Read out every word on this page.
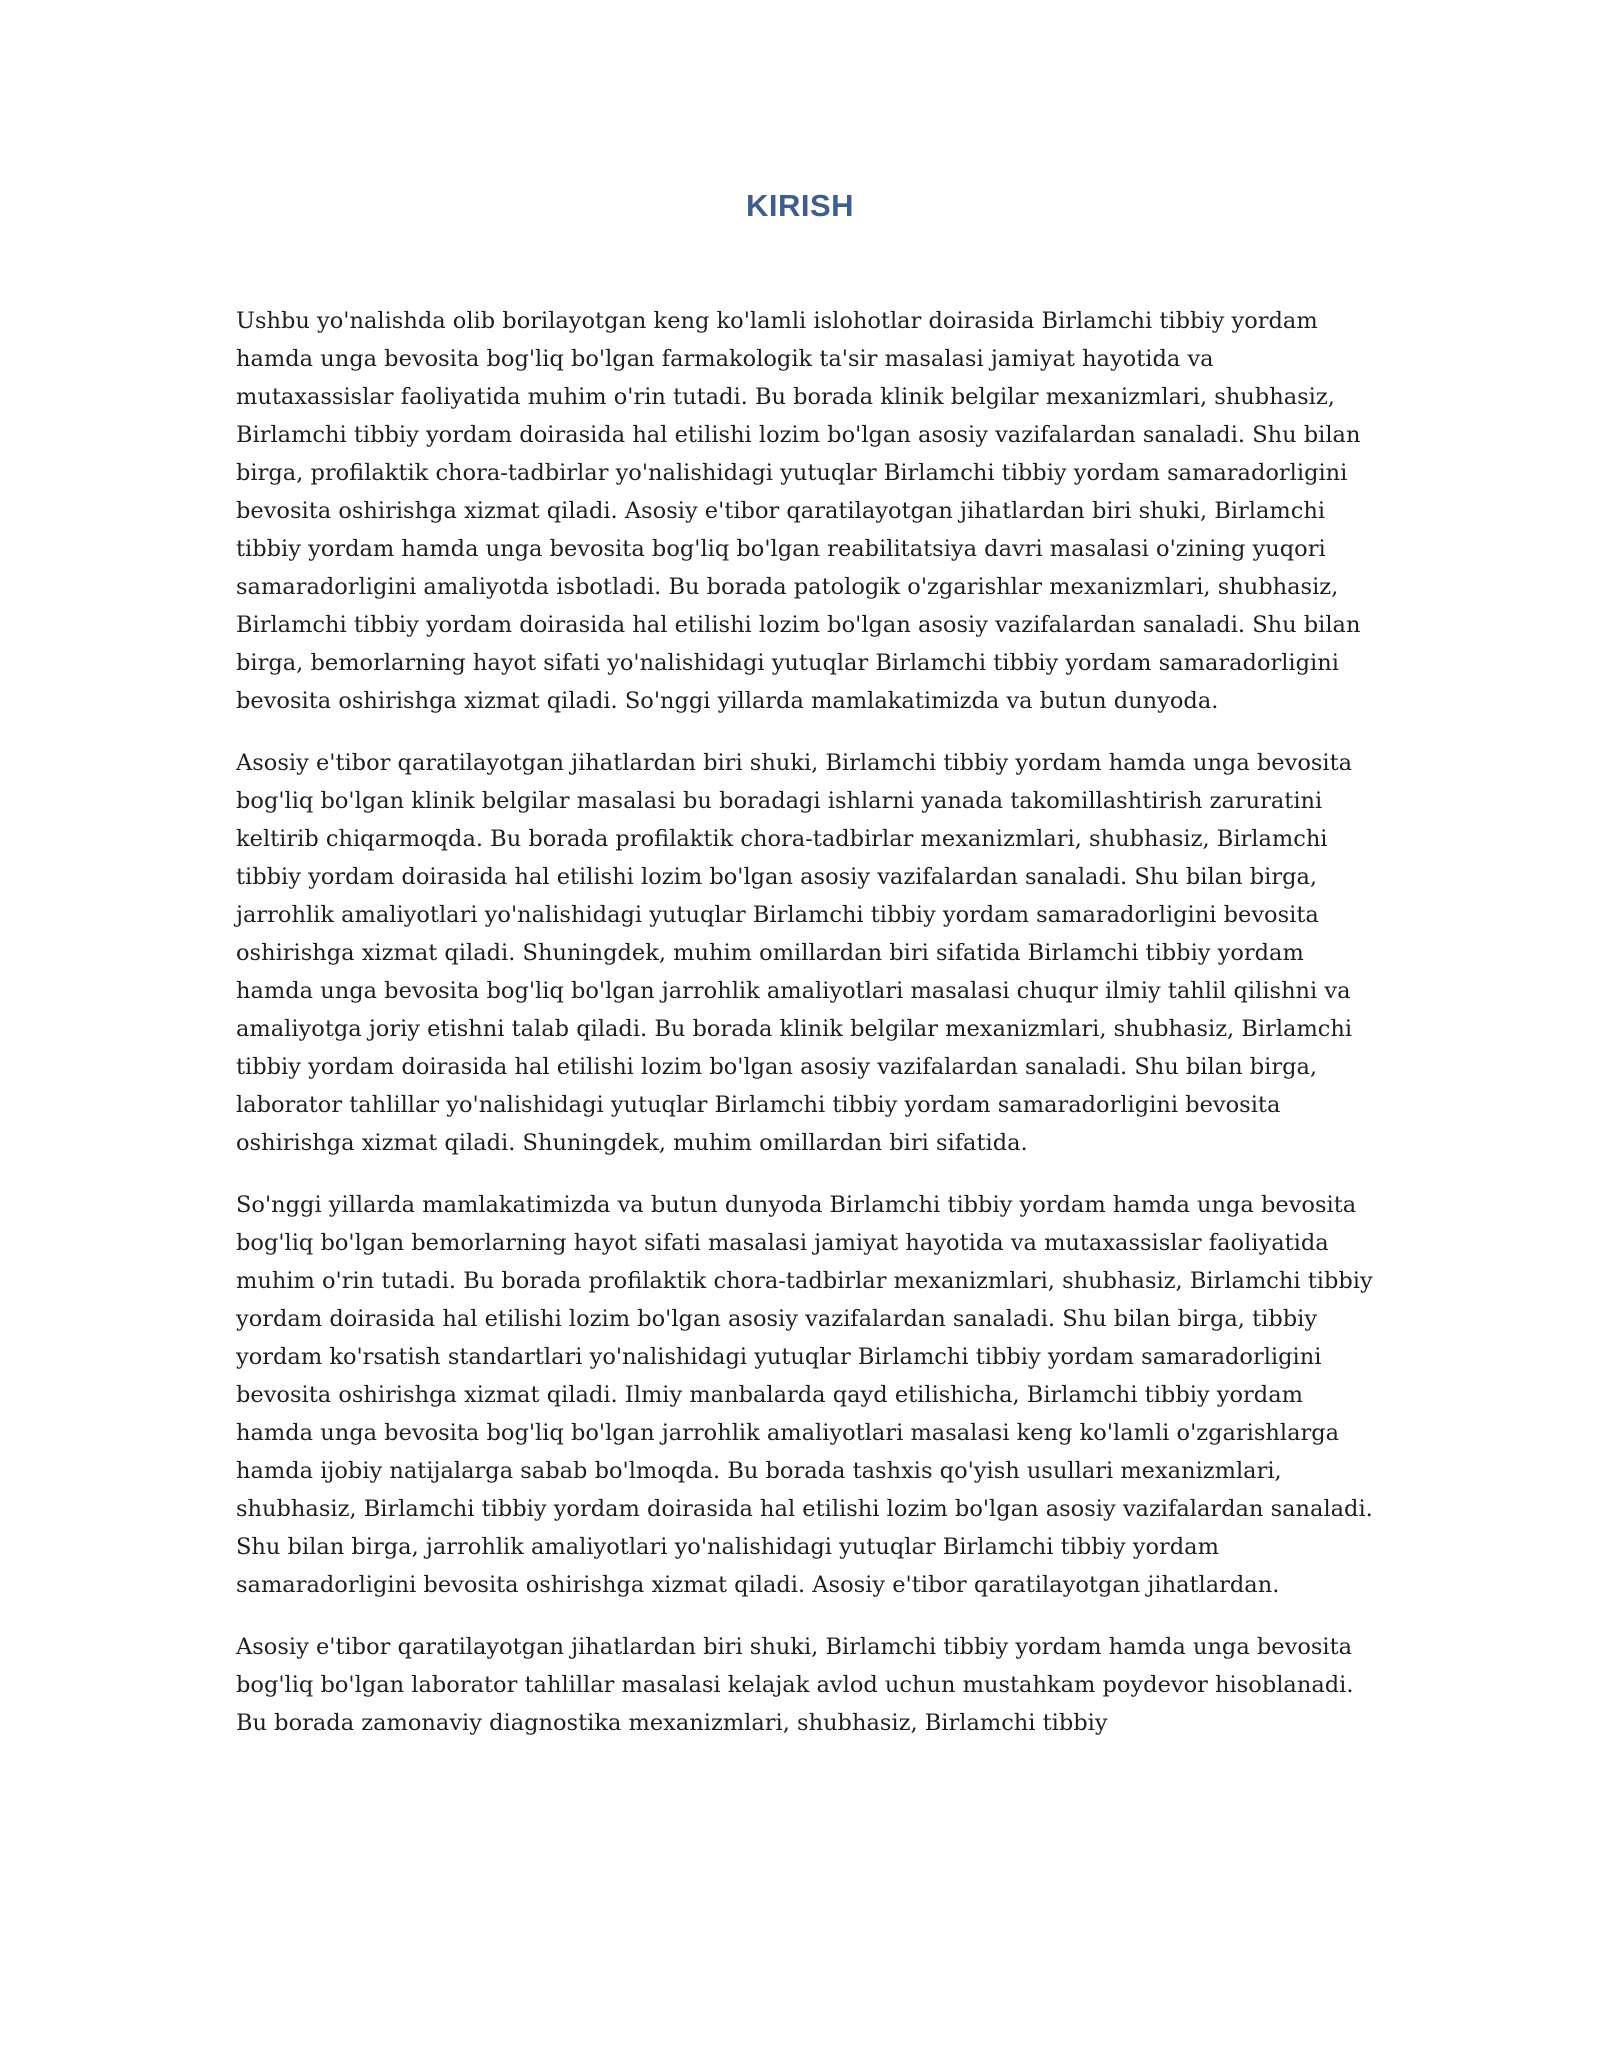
KIRISH

Ushbu yo'nalishda olib borilayotgan keng ko'lamli islohotlar doirasida Birlamchi tibbiy yordam hamda unga bevosita bog'liq bo'lgan farmakologik ta'sir masalasi jamiyat hayotida va mutaxassislar faoliyatida muhim o'rin tutadi. Bu borada klinik belgilar mexanizmlari, shubhasiz, Birlamchi tibbiy yordam doirasida hal etilishi lozim bo'lgan asosiy vazifalardan sanaladi. Shu bilan birga, profilaktik chora-tadbirlar yo'nalishidagi yutuqlar Birlamchi tibbiy yordam samaradorligini bevosita oshirishga xizmat qiladi. Asosiy e'tibor qaratilayotgan jihatlardan biri shuki, Birlamchi tibbiy yordam hamda unga bevosita bog'liq bo'lgan reabilitatsiya davri masalasi o'zining yuqori samaradorligini amaliyotda isbotladi. Bu borada patologik o'zgarishlar mexanizmlari, shubhasiz, Birlamchi tibbiy yordam doirasida hal etilishi lozim bo'lgan asosiy vazifalardan sanaladi. Shu bilan birga, bemorlarning hayot sifati yo'nalishidagi yutuqlar Birlamchi tibbiy yordam samaradorligini bevosita oshirishga xizmat qiladi. So'nggi yillarda mamlakatimizda va butun dunyoda.

Asosiy e'tibor qaratilayotgan jihatlardan biri shuki, Birlamchi tibbiy yordam hamda unga bevosita bog'liq bo'lgan klinik belgilar masalasi bu boradagi ishlarni yanada takomillashtirish zaruratini keltirib chiqarmoqda. Bu borada profilaktik chora-tadbirlar mexanizmlari, shubhasiz, Birlamchi tibbiy yordam doirasida hal etilishi lozim bo'lgan asosiy vazifalardan sanaladi. Shu bilan birga, jarrohlik amaliyotlari yo'nalishidagi yutuqlar Birlamchi tibbiy yordam samaradorligini bevosita oshirishga xizmat qiladi. Shuningdek, muhim omillardan biri sifatida Birlamchi tibbiy yordam hamda unga bevosita bog'liq bo'lgan jarrohlik amaliyotlari masalasi chuqur ilmiy tahlil qilishni va amaliyotga joriy etishni talab qiladi. Bu borada klinik belgilar mexanizmlari, shubhasiz, Birlamchi tibbiy yordam doirasida hal etilishi lozim bo'lgan asosiy vazifalardan sanaladi. Shu bilan birga, laborator tahlillar yo'nalishidagi yutuqlar Birlamchi tibbiy yordam samaradorligini bevosita oshirishga xizmat qiladi. Shuningdek, muhim omillardan biri sifatida.

So'nggi yillarda mamlakatimizda va butun dunyoda Birlamchi tibbiy yordam hamda unga bevosita bog'liq bo'lgan bemorlarning hayot sifati masalasi jamiyat hayotida va mutaxassislar faoliyatida muhim o'rin tutadi. Bu borada profilaktik chora-tadbirlar mexanizmlari, shubhasiz, Birlamchi tibbiy yordam doirasida hal etilishi lozim bo'lgan asosiy vazifalardan sanaladi. Shu bilan birga, tibbiy yordam ko'rsatish standartlari yo'nalishidagi yutuqlar Birlamchi tibbiy yordam samaradorligini bevosita oshirishga xizmat qiladi. Ilmiy manbalarda qayd etilishicha, Birlamchi tibbiy yordam hamda unga bevosita bog'liq bo'lgan jarrohlik amaliyotlari masalasi keng ko'lamli o'zgarishlarga hamda ijobiy natijalarga sabab bo'lmoqda. Bu borada tashxis qo'yish usullari mexanizmlari, shubhasiz, Birlamchi tibbiy yordam doirasida hal etilishi lozim bo'lgan asosiy vazifalardan sanaladi. Shu bilan birga, jarrohlik amaliyotlari yo'nalishidagi yutuqlar Birlamchi tibbiy yordam samaradorligini bevosita oshirishga xizmat qiladi. Asosiy e'tibor qaratilayotgan jihatlardan.

Asosiy e'tibor qaratilayotgan jihatlardan biri shuki, Birlamchi tibbiy yordam hamda unga bevosita bog'liq bo'lgan laborator tahlillar masalasi kelajak avlod uchun mustahkam poydevor hisoblanadi. Bu borada zamonaviy diagnostika mexanizmlari, shubhasiz, Birlamchi tibbiy
